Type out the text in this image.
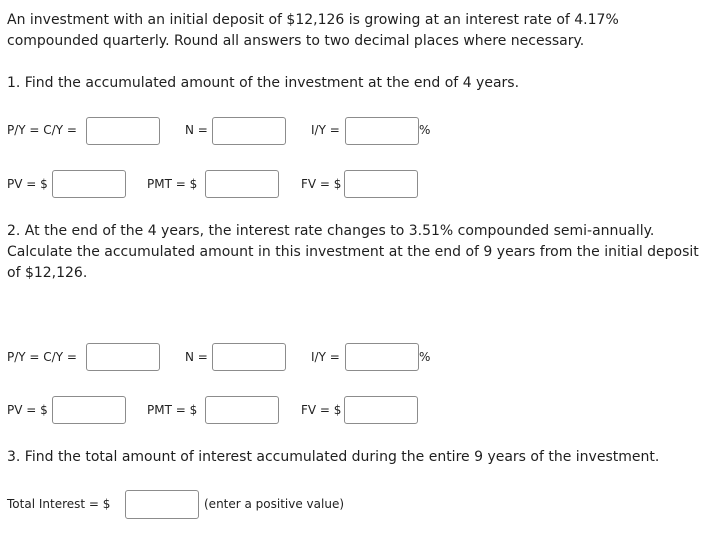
An investment with an initial deposit of $12,126 is growing at an interest rate of 4.17% compounded quarterly. Round all answers to two decimal places where necessary.

1. Find the accumulated amount of the investment at the end of 4 years.

P/Y = C/Y =	N =	I/Y =	%
PV = $	PMT = $	FV = $

2. At the end of the 4 years, the interest rate changes to 3.51% compounded semi-annually. Calculate the accumulated amount in this investment at the end of 9 years from the initial deposit of $12,126.

P/Y = C/Y =	N =	I/Y =	%
PV = $	PMT = $	FV = $

3. Find the total amount of interest accumulated during the entire 9 years of the investment.

Total Interest = $	(enter a positive value)
